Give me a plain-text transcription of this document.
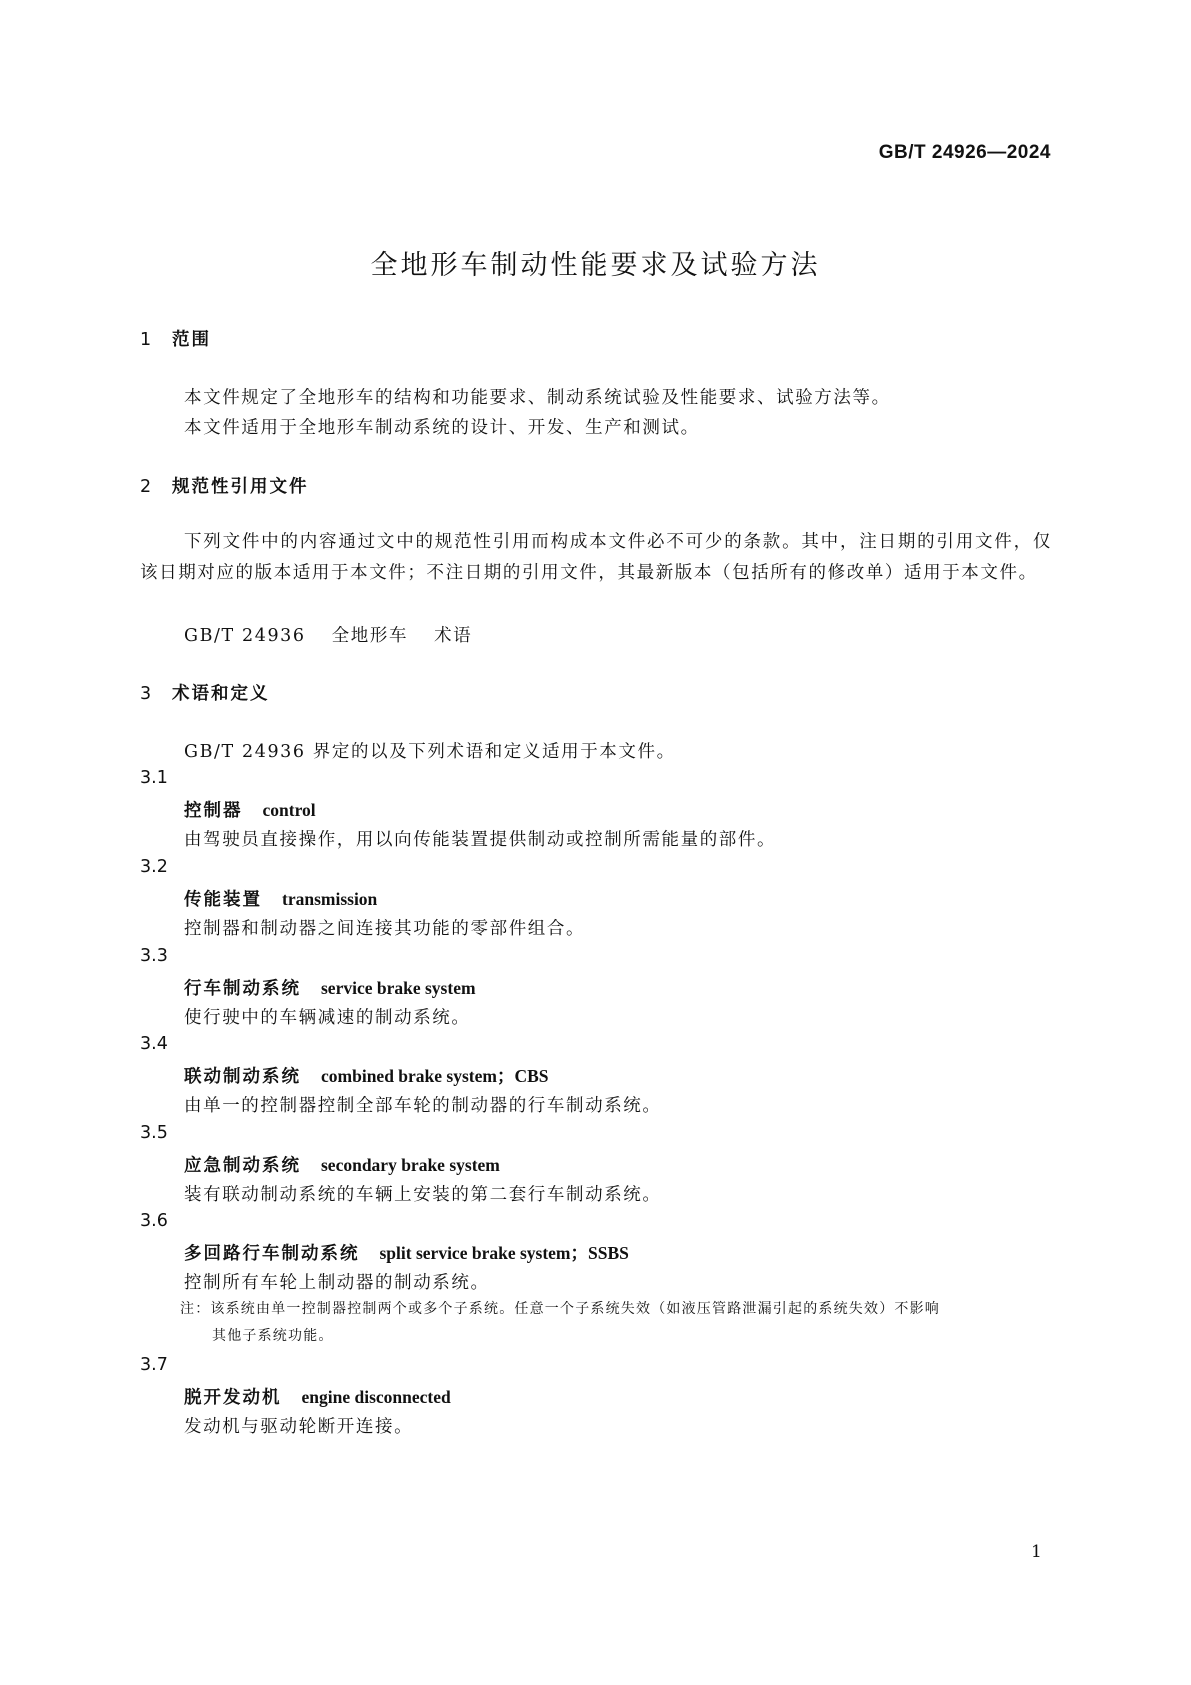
GB/T 24926—2024
全地形车制动性能要求及试验方法
1 范围
本文件规定了全地形车的结构和功能要求、制动系统试验及性能要求、试验方法等。
本文件适用于全地形车制动系统的设计、开发、生产和测试。
2 规范性引用文件
下列文件中的内容通过文中的规范性引用而构成本文件必不可少的条款。其中，注日期的引用文件，仅该日期对应的版本适用于本文件；不注日期的引用文件，其最新版本（包括所有的修改单）适用于本文件。
GB/T 24936 全地形车 术语
3 术语和定义
GB/T 24936 界定的以及下列术语和定义适用于本文件。
3.1
控制器 control
由驾驶员直接操作，用以向传能装置提供制动或控制所需能量的部件。
3.2
传能装置 transmission
控制器和制动器之间连接其功能的零部件组合。
3.3
行车制动系统 service brake system
使行驶中的车辆减速的制动系统。
3.4
联动制动系统 combined brake system；CBS
由单一的控制器控制全部车轮的制动器的行车制动系统。
3.5
应急制动系统 secondary brake system
装有联动制动系统的车辆上安装的第二套行车制动系统。
3.6
多回路行车制动系统 split service brake system；SSBS
控制所有车轮上制动器的制动系统。
注：该系统由单一控制器控制两个或多个子系统。任意一个子系统失效（如液压管路泄漏引起的系统失效）不影响
其他子系统功能。
3.7
脱开发动机 engine disconnected
发动机与驱动轮断开连接。
1
